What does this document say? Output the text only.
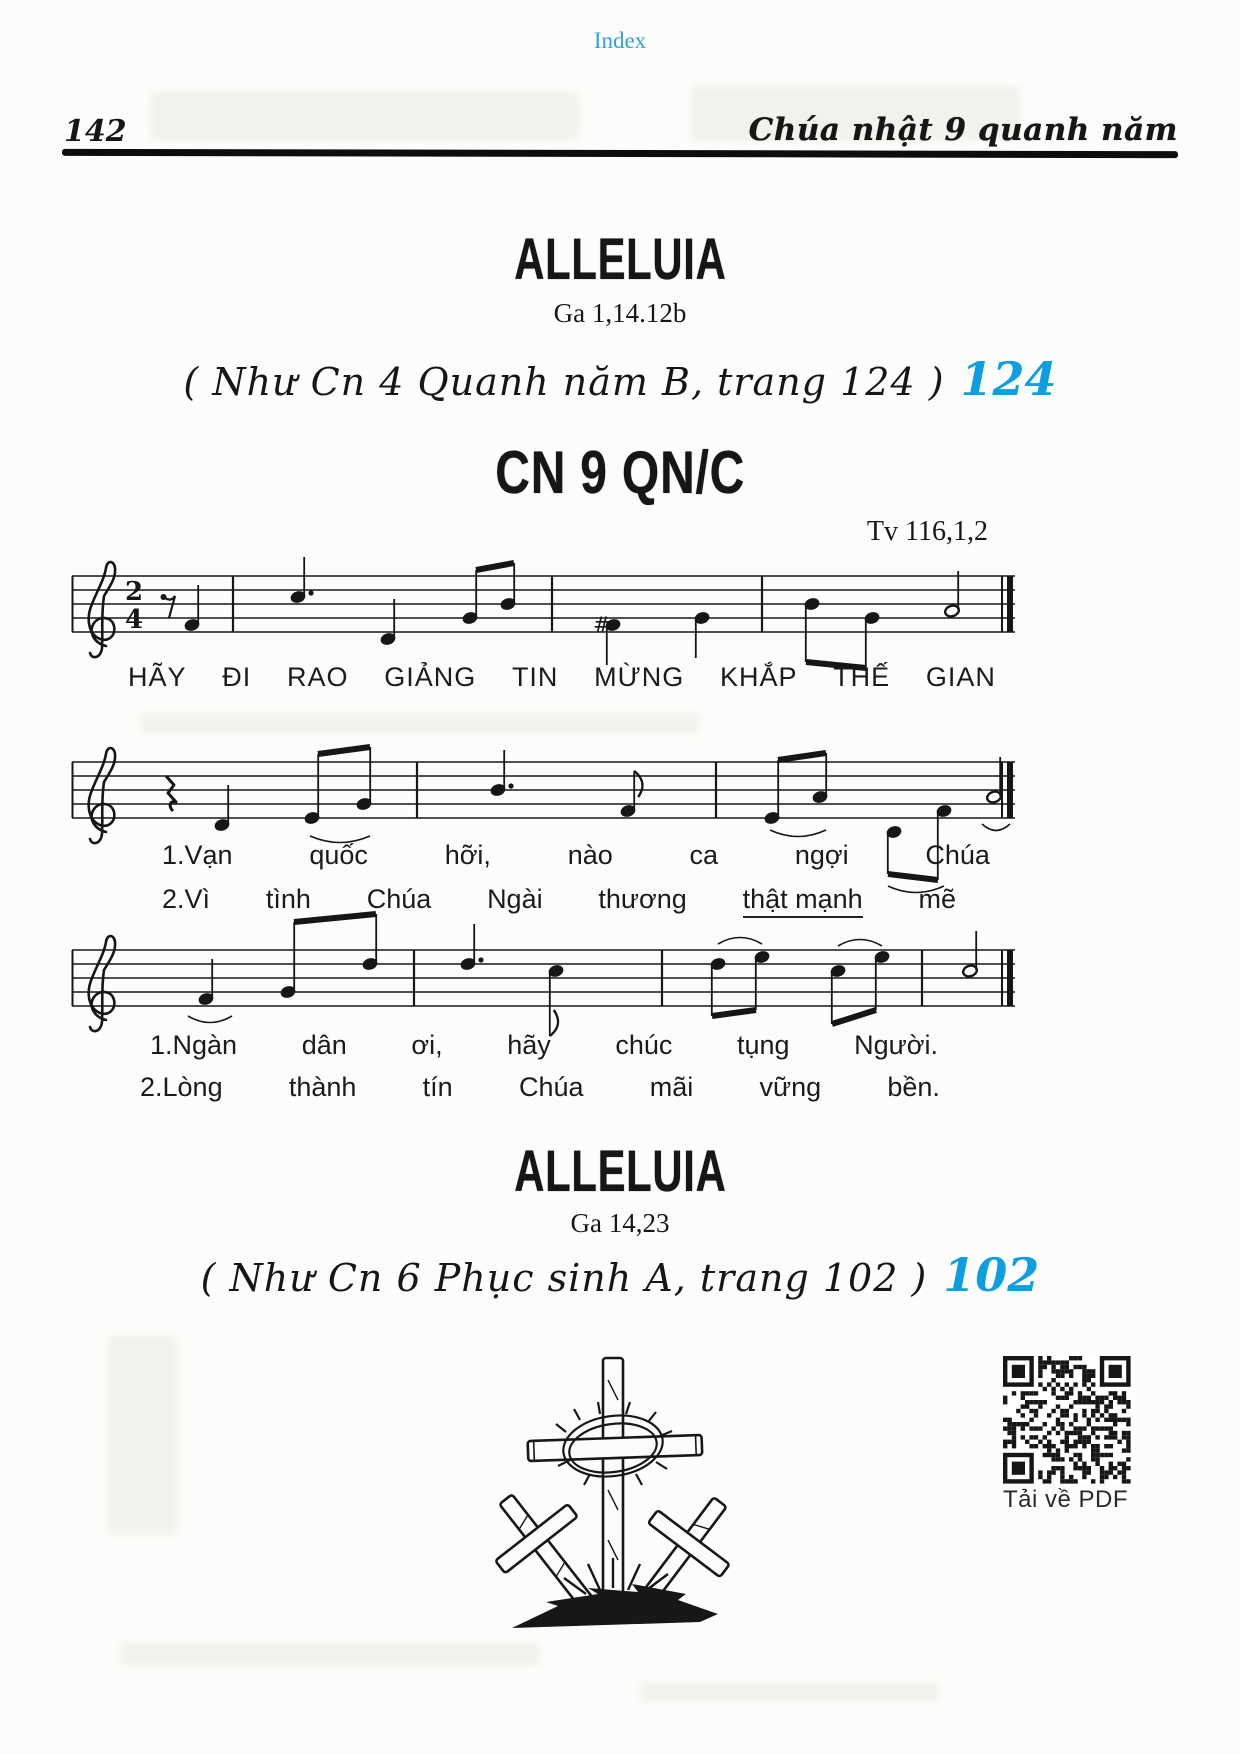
Index
142	Chúa nhật 9 quanh năm
ALLELUIA
Ga 1,14.12b
( Như Cn 4 Quanh năm B, trang 124 ) 124
CN 9 QN/C
Tv 116,1,2
2
4	#
HÃY ĐI RAO GIẢNG TIN MỪNG KHẮP THẾ GIAN
1.Vạn	quốc	hỡi,	nào	ca	ngợi	Chúa
2.Vì tình Chúa Ngài thương thật mạnh mẽ
1.Ngàn dân ơi, hãy chúc tụng Người.
2.Lòng thành tín Chúa mãi vững bền.
ALLELUIA
Ga 14,23
( Như Cn 6 Phục sinh A, trang 102 ) 102
Tải về PDF
